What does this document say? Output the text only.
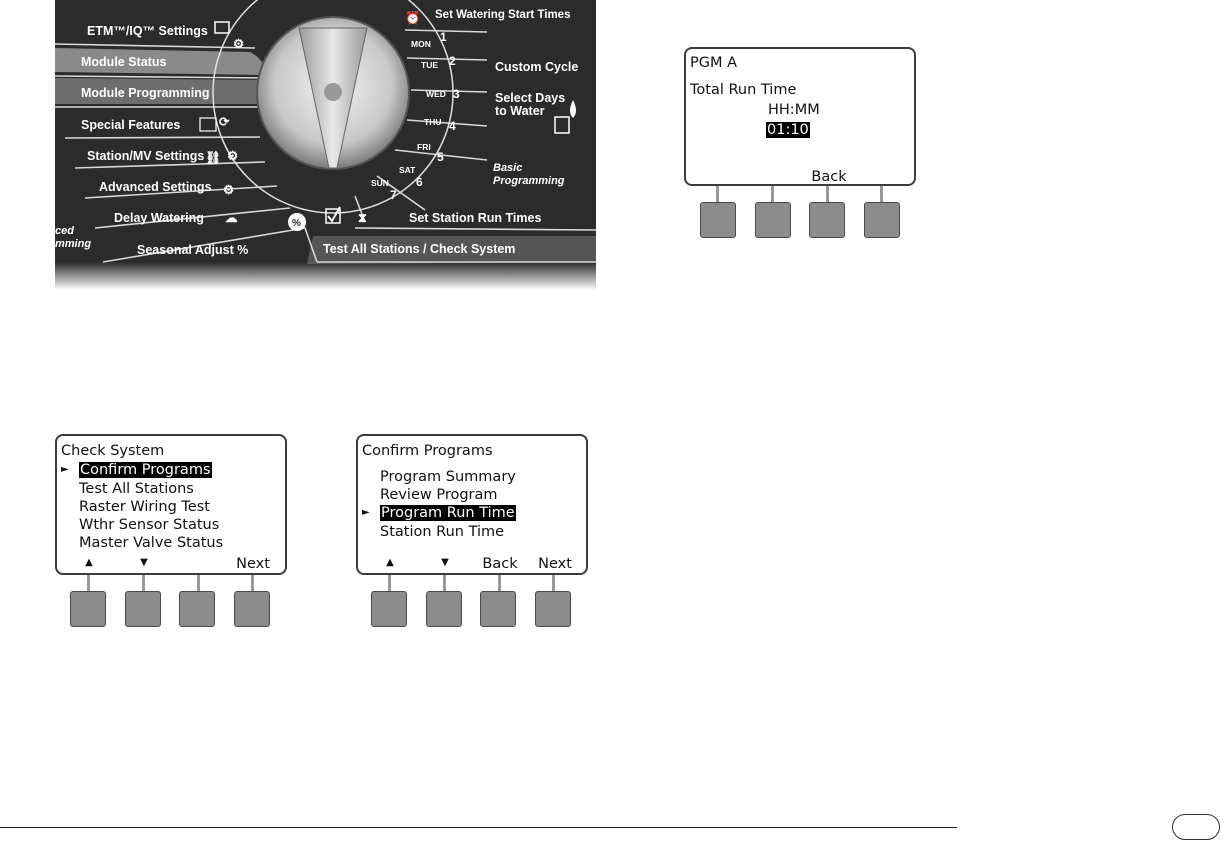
ETM™/IQ™ Settings
⚙
Module Status
Module Programming
Special Features	⟳
Station/MV Settings ⛓ ⚙
Advanced Settings ⚙
Delay Watering ☁
Seasonal Adjust %
%
ced
mming
⏰ Set Watering Start Times
MON 1
TUE 2
WED 3
THU 4
FRI
5
SAT
6
SUN
7
Custom Cycle
Select Days
to Water
Basic
Programming
⧗	Set Station Run Times
Test All Stations / Check System
PGM A
Total Run Time
HH:MM
01:10
Back
Check System
► Confirm Programs
Test All Stations
Raster Wiring Test
Wthr Sensor Status
Master Valve Status
▲	▼	Next
Confirm Programs
Program Summary
Review Program
► Program Run Time
Station Run Time
▲	▼	Back	Next
